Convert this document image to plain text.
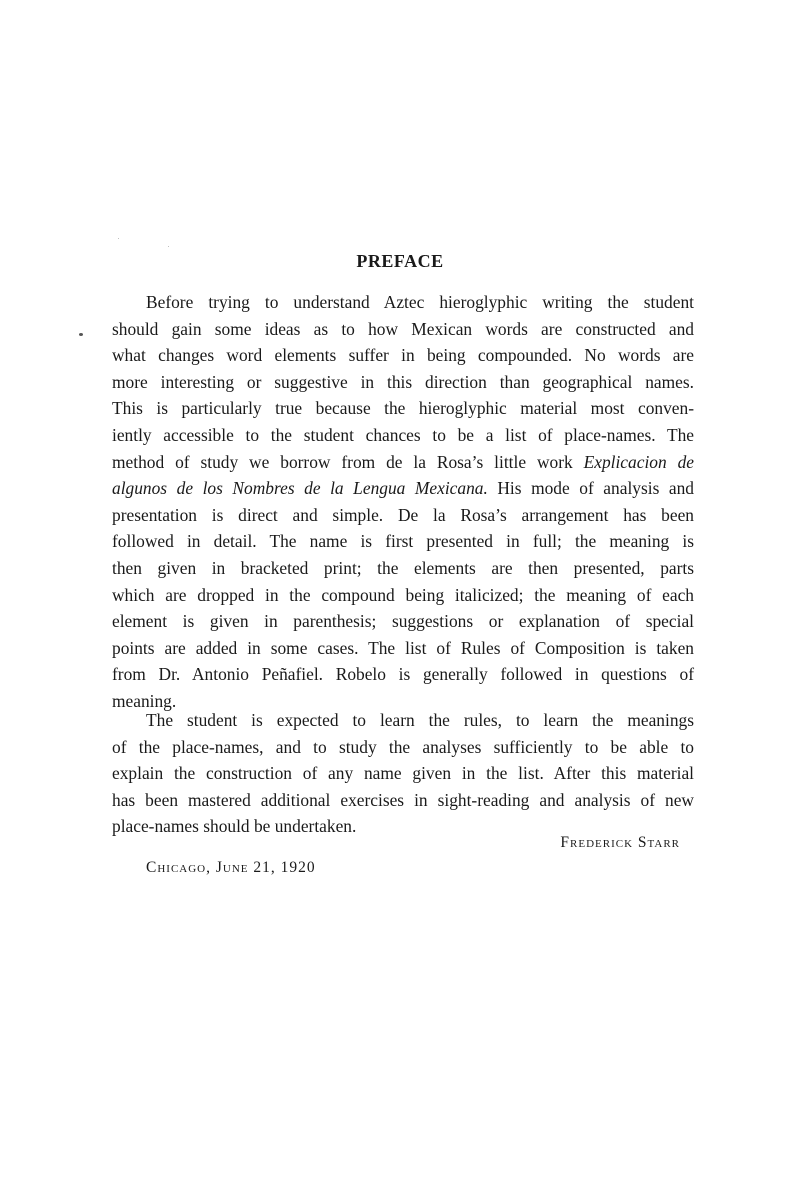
PREFACE
Before trying to understand Aztec hieroglyphic writing the student
should gain some ideas as to how Mexican words are constructed and
what changes word elements suffer in being compounded. No words are
more interesting or suggestive in this direction than geographical names.
This is particularly true because the hieroglyphic material most conven-
iently accessible to the student chances to be a list of place-names. The
method of study we borrow from de la Rosa’s little work Explicacion de
algunos de los Nombres de la Lengua Mexicana. His mode of analysis and
presentation is direct and simple. De la Rosa’s arrangement has been
followed in detail. The name is first presented in full; the meaning is
then given in bracketed print; the elements are then presented, parts
which are dropped in the compound being italicized; the meaning of each
element is given in parenthesis; suggestions or explanation of special
points are added in some cases. The list of Rules of Composition is taken
from Dr. Antonio Peñafiel. Robelo is generally followed in questions of
meaning.
The student is expected to learn the rules, to learn the meanings
of the place-names, and to study the analyses sufficiently to be able to
explain the construction of any name given in the list. After this material
has been mastered additional exercises in sight-reading and analysis of new
place-names should be undertaken.
Frederick Starr
Chicago, June 21, 1920
